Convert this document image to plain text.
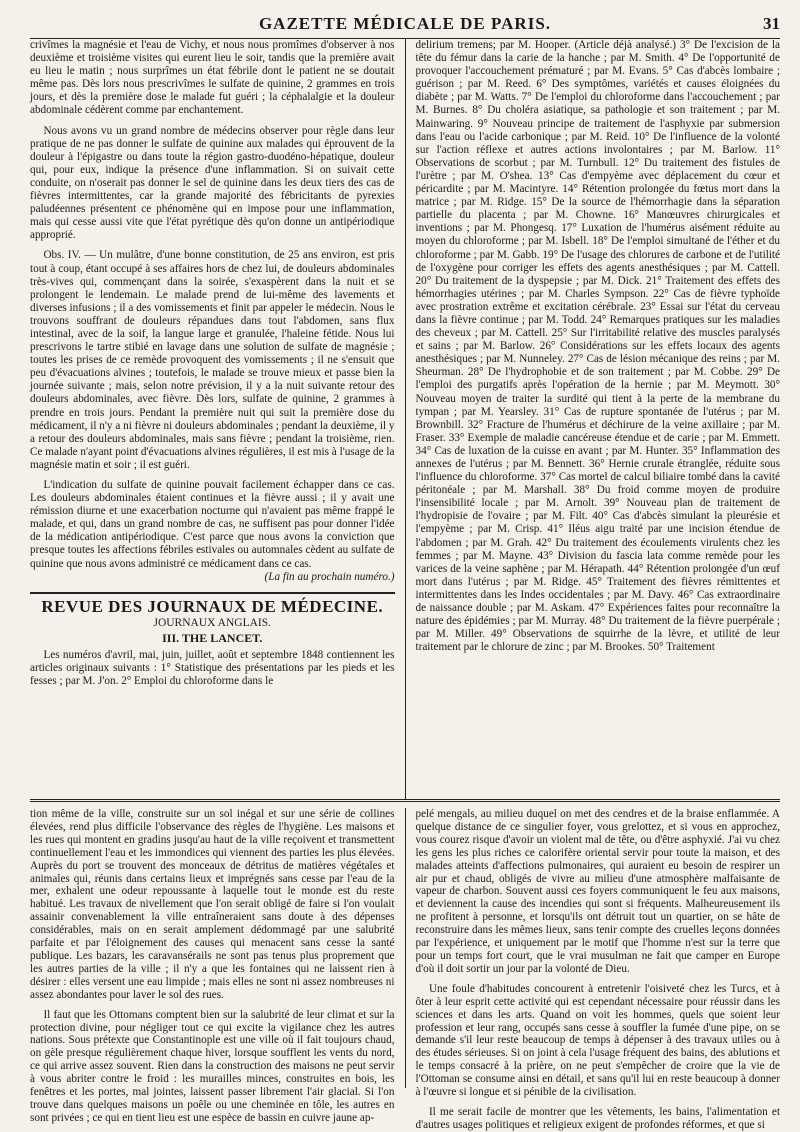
GAZETTE MÉDICALE DE PARIS.	31

crivîmes la magnésie et l'eau de Vichy, et nous nous promîmes d'observer à nos deuxième et troisième visites qui eurent lieu le soir, tandis que la première avait eu lieu le matin ; nous surprîmes un état fébrile dont le patient ne se doutait même pas. Dès lors nous prescrivîmes le sulfate de quinine, 2 grammes en trois jours, et dès la première dose le malade fut guéri ; la céphalalgie et la douleur abdominale cédèrent comme par enchantement.

Nous avons vu un grand nombre de médecins observer pour règle dans leur pratique de ne pas donner le sulfate de quinine aux malades qui éprouvent de la douleur à l'épigastre ou dans toute la région gastro-duodéno-hépatique, douleur qui, pour eux, indique la présence d'une inflammation. Si on suivait cette conduite, on n'oserait pas donner le sel de quinine dans les deux tiers des cas de fièvres intermittentes, car la grande majorité des fébricitants de pyrexies paludéennes présentent ce phénomène qui en impose pour une inflammation, mais qui cesse aussi vite que l'état pyrétique dès qu'on donne un antipériodique approprié.

Obs. IV. — Un mulâtre, d'une bonne constitution, de 25 ans environ, est pris tout à coup, étant occupé à ses affaires hors de chez lui, de douleurs abdominales très-vives qui, commençant dans la soirée, s'exaspèrent dans la nuit et se prolongent le lendemain. Le malade prend de lui-même des lavements et diverses infusions ; il a des vomissements et finit par appeler le médecin. Nous le trouvons souffrant de douleurs répandues dans tout l'abdomen, sans flux intestinal, avec de la soif, la langue large et granulée, l'haleine fétide. Nous lui prescrivons le tartre stibié en lavage dans une solution de sulfate de magnésie ; toutes les prises de ce remède provoquent des vomissements ; il ne s'ensuit que peu d'évacuations alvines ; toutefois, le malade se trouve mieux et passe bien la journée suivante ; mais, selon notre prévision, il y a la nuit suivante retour des douleurs abdominales, avec fièvre. Dès lors, sulfate de quinine, 2 grammes à prendre en trois jours. Pendant la première nuit qui suit la première dose du médicament, il n'y a ni fièvre ni douleurs abdominales ; pendant la deuxième, il y a retour des douleurs abdominales, mais sans fièvre ; pendant la troisième, rien. Ce malade n'ayant point d'évacuations alvines régulières, il est mis à l'usage de la magnésie matin et soir ; il est guéri.

L'indication du sulfate de quinine pouvait facilement échapper dans ce cas. Les douleurs abdominales étaient continues et la fièvre aussi ; il y avait une rémission diurne et une exacerbation nocturne qui n'avaient pas même frappé le malade, et qui, dans un grand nombre de cas, ne suffisent pas pour donner l'idée de la médication antipériodique. C'est parce que nous avons la conviction que presque toutes les affections fébriles estivales ou automnales cèdent au sulfate de quinine que nous avons administré ce médicament dans ce cas.

(La fin au prochain numéro.)

REVUE DES JOURNAUX DE MÉDECINE.
JOURNAUX ANGLAIS.
III. THE LANCET.

Les numéros d'avril, mai, juin, juillet, août et septembre 1848 contiennent les articles originaux suivants : 1° Statistique des présentations par les pieds et les fesses ; par M. J'on. 2° Emploi du chloroforme dans le

delirium tremens; par M. Hooper. (Article déjà analysé.) 3° De l'excision de la tête du fémur dans la carie de la hanche ; par M. Smith. 4° De l'opportunité de provoquer l'accouchement prématuré ; par M. Evans. 5° Cas d'abcès lombaire ; guérison ; par M. Reed. 6° Des symptômes, variétés et causes éloignées du diabète ; par M. Watts. 7° De l'emploi du chloroforme dans l'accouchement ; par M. Burnes. 8° Du choléra asiatique, sa pathologie et son traitement ; par M. Mainwaring. 9° Nouveau principe de traitement de l'asphyxie par submersion dans l'eau ou l'acide carbonique ; par M. Reid. 10° De l'influence de la volonté sur l'action réflexe et autres actions involontaires ; par M. Barlow. 11° Observations de scorbut ; par M. Turnbull. 12° Du traitement des fistules de l'urètre ; par M. O'shea. 13° Cas d'empyème avec déplacement du cœur et péricardite ; par M. Macintyre. 14° Rétention prolongée du fœtus mort dans la matrice ; par M. Ridge. 15° De la source de l'hémorrhagie dans la séparation partielle du placenta ; par M. Chowne. 16° Manœuvres chirurgicales et inventions ; par M. Phongesq. 17° Luxation de l'humérus aisément réduite au moyen du chloroforme ; par M. Isbell. 18° De l'emploi simultané de l'éther et du chloroforme ; par M. Gabb. 19° De l'usage des chlorures de carbone et de l'utilité de l'oxygène pour corriger les effets des agents anesthésiques ; par M. Cattell. 20° Du traitement de la dyspepsie ; par M. Dick. 21° Traitement des effets des hémorrhagies utérines ; par M. Charles Sympson. 22° Cas de fièvre typhoïde avec prostration extrême et excitation cérébrale. 23° Essai sur l'état du cerveau dans la fièvre continue ; par M. Todd. 24° Remarques pratiques sur les maladies des cheveux ; par M. Cattell. 25° Sur l'irritabilité relative des muscles paralysés et sains ; par M. Barlow. 26° Considérations sur les effets locaux des agents anesthésiques ; par M. Nunneley. 27° Cas de lésion mécanique des reins ; par M. Sheurman. 28° De l'hydrophobie et de son traitement ; par M. Cobbe. 29° De l'emploi des purgatifs après l'opération de la hernie ; par M. Meymott. 30° Nouveau moyen de traiter la surdité qui tient à la perte de la membrane du tympan ; par M. Yearsley. 31° Cas de rupture spontanée de l'utérus ; par M. Brownbill. 32° Fracture de l'humérus et déchirure de la veine axillaire ; par M. Fraser. 33° Exemple de maladie cancéreuse étendue et de carie ; par M. Emmett. 34° Cas de luxation de la cuisse en avant ; par M. Hunter. 35° Inflammation des annexes de l'utérus ; par M. Bennett. 36° Hernie crurale étranglée, réduite sous l'influence du chloroforme. 37° Cas mortel de calcul biliaire tombé dans la cavité péritonéale ; par M. Marshall. 38° Du froid comme moyen de produire l'insensibilité locale ; par M. Arnolt. 39° Nouveau plan de traitement de l'hydropisie de l'ovaire ; par M. Filt. 40° Cas d'abcès simulant la pleurésie et l'empyème ; par M. Crisp. 41° Iléus aigu traité par une incision étendue de l'abdomen ; par M. Grah. 42° Du traitement des écoulements virulents chez les femmes ; par M. Mayne. 43° Division du fascia lata comme remède pour les varices de la veine saphène ; par M. Hérapath. 44° Rétention prolongée d'un œuf mort dans l'utérus ; par M. Ridge. 45° Traitement des fièvres rémittentes et intermittentes dans les Indes occidentales ; par M. Davy. 46° Cas extraordinaire de naissance double ; par M. Askam. 47° Expériences faites pour reconnaître la nature des épidémies ; par M. Murray. 48° Du traitement de la fièvre puerpérale ; par M. Miller. 49° Observations de squirrhe de la lèvre, et utilité de leur traitement par le chlorure de zinc ; par M. Brookes. 50° Traitement

tion même de la ville, construite sur un sol inégal et sur une série de collines élevées, rend plus difficile l'observance des règles de l'hygiène. Les maisons et les rues qui montent en gradins jusqu'au haut de la ville reçoivent et transmettent continuellement l'eau et les immondices qui viennent des parties les plus élevées. Auprès du port se trouvent des monceaux de détritus de matières végétales et animales qui, réunis dans certains lieux et imprégnés sans cesse par l'eau de la mer, exhalent une odeur repoussante à laquelle tout le monde est du reste habitué. Les travaux de nivellement que l'on serait obligé de faire si l'on voulait assainir convenablement la ville entraîneraient sans doute à des dépenses considérables, mais on en serait amplement dédommagé par une salubrité parfaite et par l'éloignement des causes qui menacent sans cesse la santé publique. Les bazars, les caravansérails ne sont pas tenus plus proprement que les autres parties de la ville ; il n'y a que les fontaines qui ne laissent rien à désirer : elles versent une eau limpide ; mais elles ne sont ni assez nombreuses ni assez abondantes pour laver le sol des rues.

Il faut que les Ottomans comptent bien sur la salubrité de leur climat et sur la protection divine, pour négliger tout ce qui excite la vigilance chez les autres nations. Sous prétexte que Constantinople est une ville où il fait toujours chaud, on gèle presque régulièrement chaque hiver, lorsque soufflent les vents du nord, ce qui arrive assez souvent. Rien dans la construction des maisons ne peut servir à vous abriter contre le froid : les murailles minces, construites en bois, les fenêtres et les portes, mal jointes, laissent passer librement l'air glacial. Si l'on trouve dans quelques maisons un poêle ou une cheminée en tôle, les autres en sont privées ; ce qui en tient lieu est une espèce de bassin en cuivre jaune ap-

pelé mengals, au milieu duquel on met des cendres et de la braise enflammée. A quelque distance de ce singulier foyer, vous grelottez, et si vous en approchez, vous courez risque d'avoir un violent mal de tête, ou d'être asphyxié. J'ai vu chez les gens les plus riches ce calorifère oriental servir pour toute la maison, et des malades atteints d'affections pulmonaires, qui auraient eu besoin de respirer un air pur et chaud, obligés de vivre au milieu d'une atmosphère malfaisante de vapeur de charbon. Souvent aussi ces foyers communiquent le feu aux maisons, et deviennent la cause des incendies qui sont si fréquents. Malheureusement ils ne profitent à personne, et lorsqu'ils ont détruit tout un quartier, on se hâte de reconstruire dans les mêmes lieux, sans tenir compte des cruelles leçons données par l'expérience, et uniquement par le motif que l'homme n'est sur la terre que pour un temps fort court, que le vrai musulman ne fait que camper en Europe d'où il doit sortir un jour par la volonté de Dieu.

Une foule d'habitudes concourent à entretenir l'oisiveté chez les Turcs, et à ôter à leur esprit cette activité qui est cependant nécessaire pour réussir dans les sciences et dans les arts. Quand on voit les hommes, quels que soient leur profession et leur rang, occupés sans cesse à souffler la fumée d'une pipe, on se demande s'il leur reste beaucoup de temps à dépenser à des travaux utiles ou à des études sérieuses. Si on joint à cela l'usage fréquent des bains, des ablutions et le temps consacré à la prière, on ne peut s'empêcher de croire que la vie de l'Ottoman se consume ainsi en détail, et sans qu'il lui en reste beaucoup à donner à l'œuvre si longue et si pénible de la civilisation.

Il me serait facile de montrer que les vêtements, les bains, l'alimentation et d'autres usages politiques et religieux exigent de profondes réformes, et que si
